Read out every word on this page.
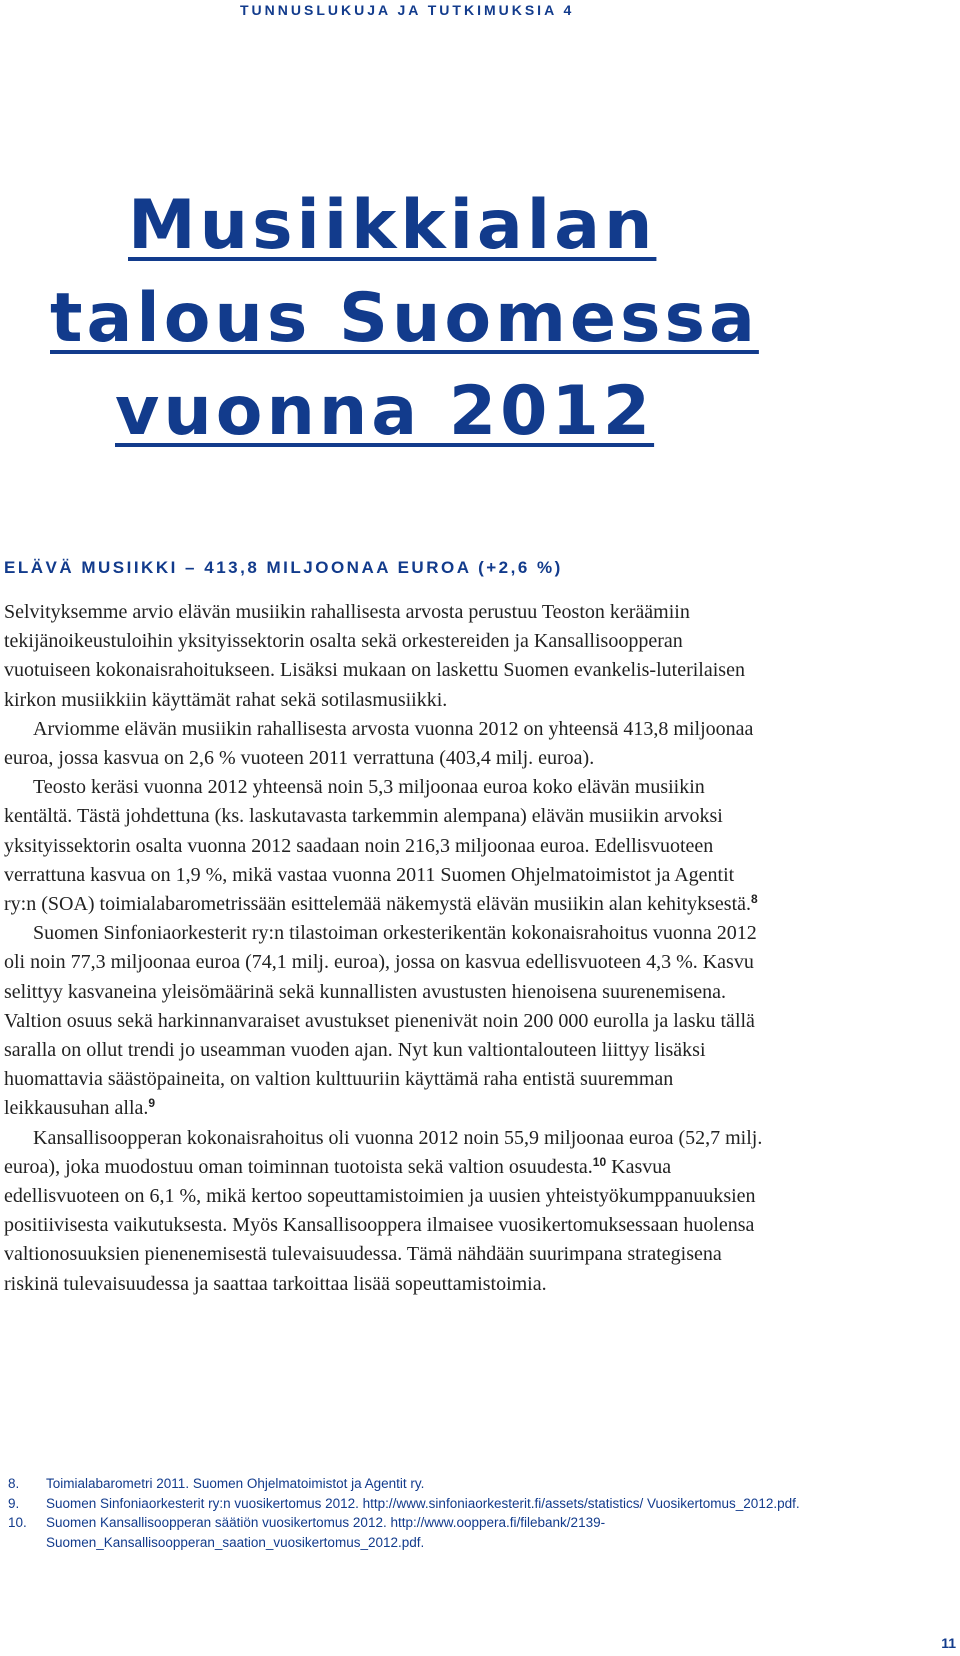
TUNNUSLUKUJA JA TUTKIMUKSIA 4
Musiikkialan
talous Suomessa
vuonna 2012
ELÄVÄ MUSIIKKI – 413,8 MILJOONAA EUROA (+2,6 %)

Selvityksemme arvio elävän musiikin rahallisesta arvosta perustuu Teoston keräämiin tekijänoikeustuloihin yksityissektorin osalta sekä orkestereiden ja Kansallisoopperan vuotuiseen kokonaisrahoitukseen. Lisäksi mukaan on laskettu Suomen evankelis-luterilaisen kirkon musiikkiin käyttämät rahat sekä sotilasmusiikki.

Arviomme elävän musiikin rahallisesta arvosta vuonna 2012 on yhteensä 413,8 miljoonaa euroa, jossa kasvua on 2,6 % vuoteen 2011 verrattuna (403,4 milj. euroa).

Teosto keräsi vuonna 2012 yhteensä noin 5,3 miljoonaa euroa koko elävän musiikin kentältä. Tästä johdettuna (ks. laskutavasta tarkemmin alempana) elävän musiikin arvoksi yksityissektorin osalta vuonna 2012 saadaan noin 216,3 miljoonaa euroa. Edellisvuoteen verrattuna kasvua on 1,9 %, mikä vastaa vuonna 2011 Suomen Ohjelmatoimistot ja Agentit ry:n (SOA) toimialabarometrissään esittelemää näkemystä elävän musiikin alan kehityksestä.$^8$

Suomen Sinfoniaorkesterit ry:n tilastoiman orkesterikentän kokonaisrahoitus vuonna 2012 oli noin 77,3 miljoonaa euroa (74,1 milj. euroa), jossa on kasvua edellisvuoteen 4,3 %. Kasvu selittyy kasvaneina yleisömäärinä sekä kunnallisten avustusten hienoisena suurenemisena. Valtion osuus sekä harkinnanvaraiset avustukset pienenivät noin 200 000 eurolla ja lasku tällä saralla on ollut trendi jo useamman vuoden ajan. Nyt kun valtiontalouteen liittyy lisäksi huomattavia säästöpaineita, on valtion kulttuuriin käyttämä raha entistä suuremman leikkausuhan alla.$^9$

Kansallisoopperan kokonaisrahoitus oli vuonna 2012 noin 55,9 miljoonaa euroa (52,7 milj. euroa), joka muodostuu oman toiminnan tuotoista sekä valtion osuudesta.$^{10}$ Kasvua edellisvuoteen on 6,1 %, mikä kertoo sopeuttamistoimien ja uusien yhteistyökumppanuuksien positiivisesta vaikutuksesta. Myös Kansallisooppera ilmaisee vuosikertomuksessaan huolensa valtionosuuksien pienenemisestä tulevaisuudessa. Tämä nähdään suurimpana strategisena riskinä tulevaisuudessa ja saattaa tarkoittaa lisää sopeuttamistoimia.

8.	Toimialabarometri 2011. Suomen Ohjelmatoimistot ja Agentit ry.
9.	Suomen Sinfoniaorkesterit ry:n vuosikertomus 2012. http://www.sinfoniaorkesterit.fi/assets/statistics/ Vuosikertomus_2012.pdf.
10.	Suomen Kansallisoopperan säätiön vuosikertomus 2012. http://www.ooppera.fi/filebank/2139- Suomen_Kansallisoopperan_saation_vuosikertomus_2012.pdf.
11
